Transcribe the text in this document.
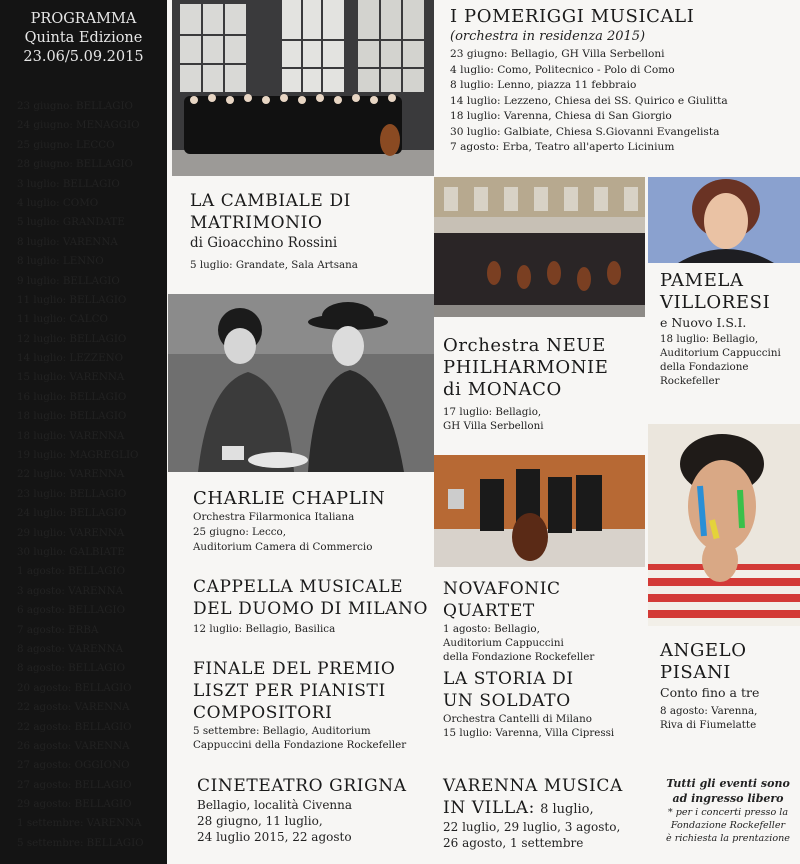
PROGRAMMA
Quinta Edizione
23.06/5.09.2015
23 giugno: BELLAGIO
24 giugno: MENAGGIO
25 giugno: LECCO
28 giugno: BELLAGIO
3 luglio: BELLAGIO
4 luglio: COMO
5 luglio: GRANDATE
8 luglio: VARENNA
8 luglio: LENNO
9 luglio: BELLAGIO
11 luglio: BELLAGIO
11 luglio: CALCO
12 luglio: BELLAGIO
14 luglio: LEZZENO
15 luglio: VARENNA
16 luglio: BELLAGIO
18 luglio: BELLAGIO
18 luglio: VARENNA
19 luglio: MAGREGLIO
22 luglio: VARENNA
23 luglio: BELLAGIO
24 luglio: BELLAGIO
29 luglio: VARENNA
30 luglio: GALBIATE
1 agosto: BELLAGIO
3 agosto: VARENNA
6 agosto: BELLAGIO
7 agosto: ERBA
8 agosto: VARENNA
8 agosto: BELLAGIO
20 agosto: BELLAGIO
22 agosto: VARENNA
22 agosto: BELLAGIO
26 agosto: VARENNA
27 agosto: OGGIONO
27 agosto: BELLAGIO
29 agosto: BELLAGIO
1 settembre: VARENNA
5 settembre: BELLAGIO
I POMERIGGI MUSICALI
(orchestra in residenza 2015)
23 giugno: Bellagio, GH Villa Serbelloni
4 luglio: Como, Politecnico - Polo di Como
8 luglio: Lenno, piazza 11 febbraio
14 luglio: Lezzeno, Chiesa dei SS. Quirico e Giulitta
18 luglio: Varenna, Chiesa di San Giorgio
30 luglio: Galbiate, Chiesa S.Giovanni Evangelista
7 agosto: Erba, Teatro all'aperto Licinium
LA CAMBIALE DI
MATRIMONIO
di Gioacchino Rossini
5 luglio: Grandate, Sala Artsana
PAMELA
VILLORESI
e Nuovo I.S.I.
18 luglio: Bellagio,
Auditorium Cappuccini
della Fondazione
Rockefeller
Orchestra NEUE
PHILHARMONIE
di MONACO
17 luglio: Bellagio,
GH Villa Serbelloni
CHARLIE CHAPLIN
Orchestra Filarmonica Italiana
25 giugno: Lecco,
Auditorium Camera di Commercio
CAPPELLA MUSICALE
DEL DUOMO DI MILANO
12 luglio: Bellagio, Basilica
NOVAFONIC QUARTET
1 agosto: Bellagio,
Auditorium Cappuccini
della Fondazione Rockefeller	ANGELO
PISANI
Conto fino a tre
8 agosto: Varenna,
Riva di Fiumelatte
FINALE DEL PREMIO
LISZT PER PIANISTI
COMPOSITORI
5 settembre: Bellagio, Auditorium
Cappuccini della Fondazione Rockefeller
LA STORIA DI
UN SOLDATO
Orchestra Cantelli di Milano
15 luglio: Varenna, Villa Cipressi
CINETEATRO GRIGNA
Bellagio, località Civenna
28 giugno, 11 luglio,
24 luglio 2015, 22 agosto
VARENNA MUSICA
IN VILLA: 8 luglio,
22 luglio, 29 luglio, 3 agosto,
26 agosto, 1 settembre
Tutti gli eventi sono
ad ingresso libero
* per i concerti presso la
Fondazione Rockefeller
è richiesta la prentazione
